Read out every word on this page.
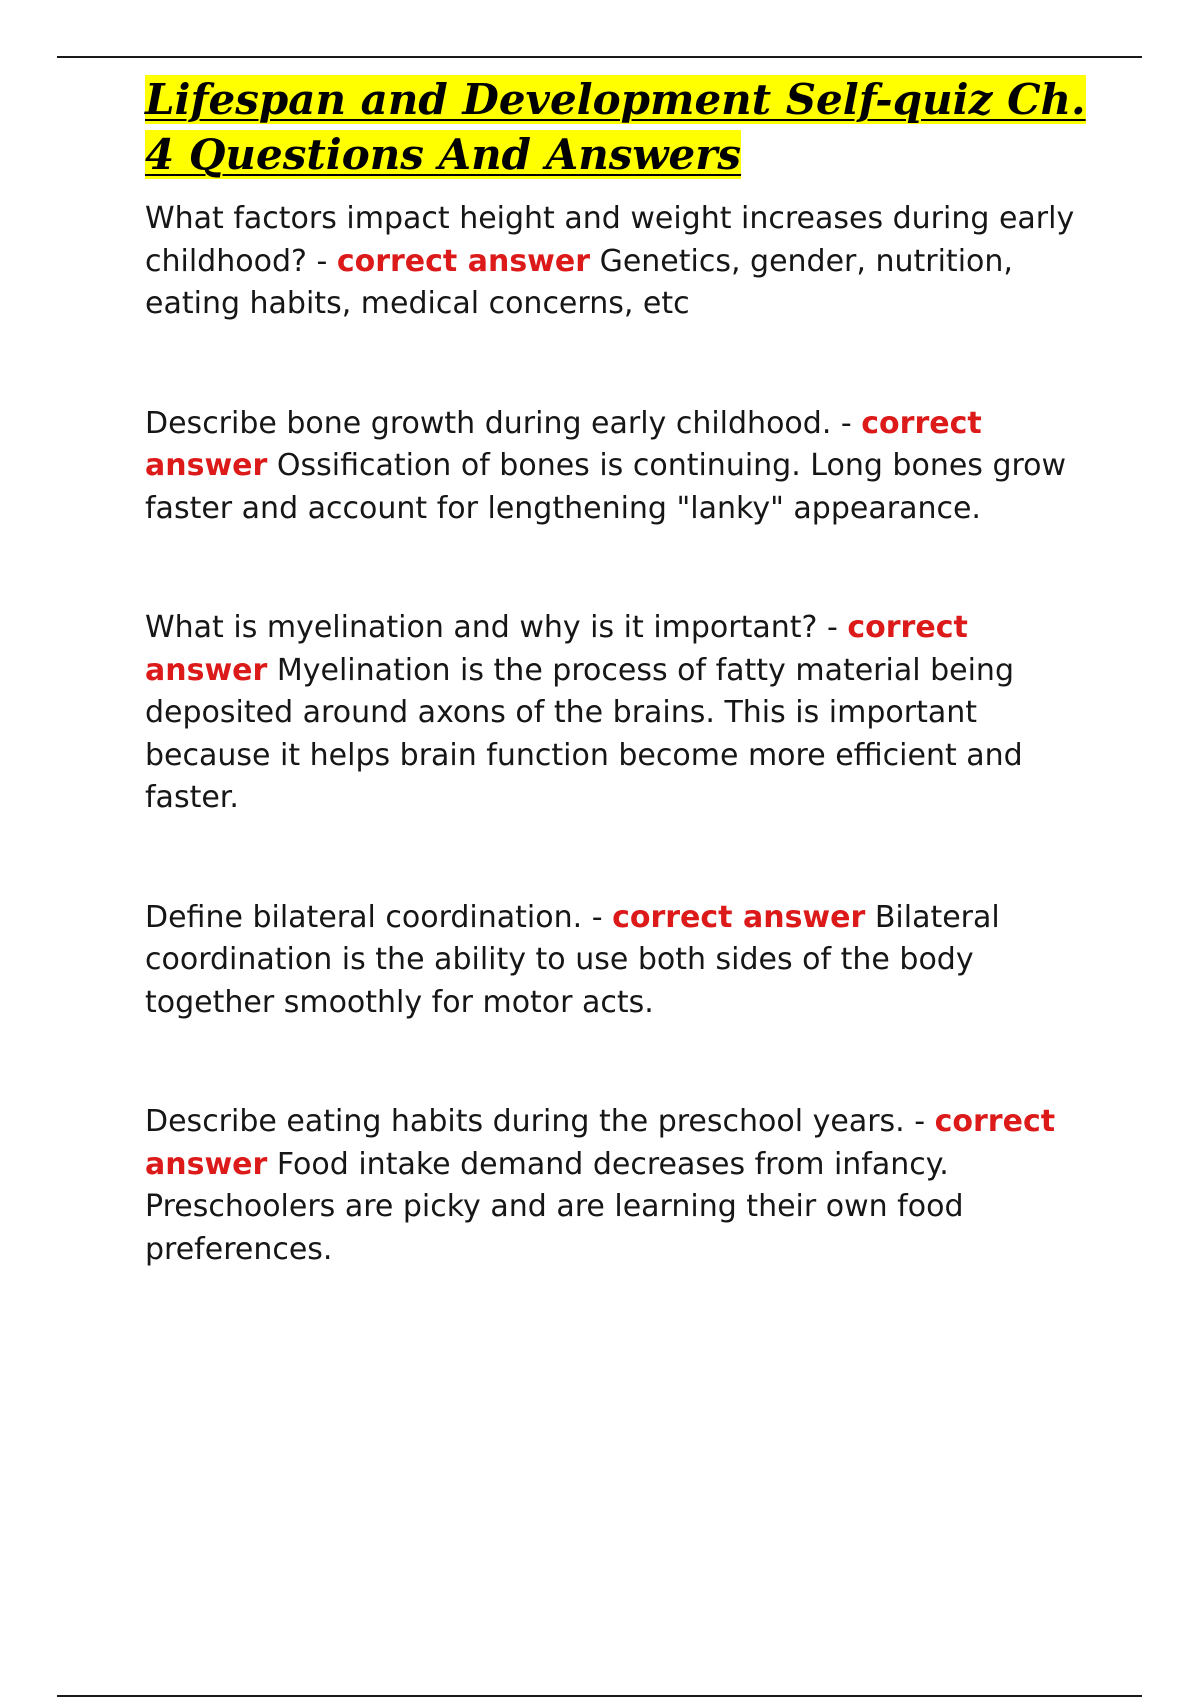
Lifespan and Development Self-quiz Ch. 4 Questions And Answers

What factors impact height and weight increases during early childhood? - correct answer Genetics, gender, nutrition, eating habits, medical concerns, etc

Describe bone growth during early childhood. - correct answer Ossification of bones is continuing. Long bones grow faster and account for lengthening "lanky" appearance.

What is myelination and why is it important? - correct answer Myelination is the process of fatty material being deposited around axons of the brains. This is important because it helps brain function become more efficient and faster.

Define bilateral coordination. - correct answer Bilateral coordination is the ability to use both sides of the body together smoothly for motor acts.

Describe eating habits during the preschool years. - correct answer Food intake demand decreases from infancy. Preschoolers are picky and are learning their own food preferences.
